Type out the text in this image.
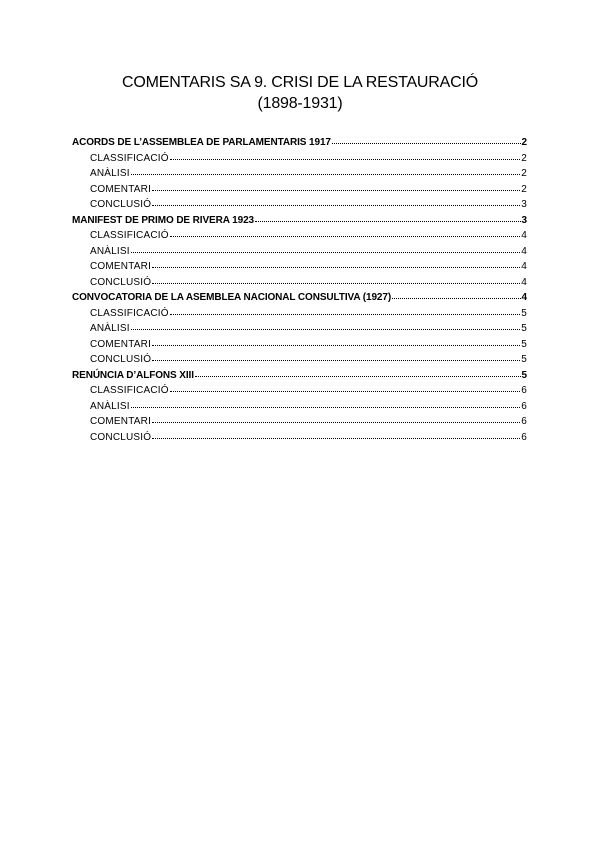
COMENTARIS SA 9. CRISI DE LA RESTAURACIÓ
(1898-1931)
ACORDS DE L’ASSEMBLEA DE PARLAMENTARIS 1917	2
CLASSIFICACIÓ	2
ANÀLISI	2
COMENTARI	2
CONCLUSIÓ	3
MANIFEST DE PRIMO DE RIVERA 1923	3
CLASSIFICACIÓ	4
ANÀLISI	4
COMENTARI	4
CONCLUSIÓ	4
CONVOCATORIA DE LA ASEMBLEA NACIONAL CONSULTIVA (1927)	4
CLASSIFICACIÓ	5
ANÀLISI	5
COMENTARI	5
CONCLUSIÓ	5
RENÚNCIA D’ALFONS XIII	5
CLASSIFICACIÓ	6
ANÀLISI	6
COMENTARI	6
CONCLUSIÓ	6
